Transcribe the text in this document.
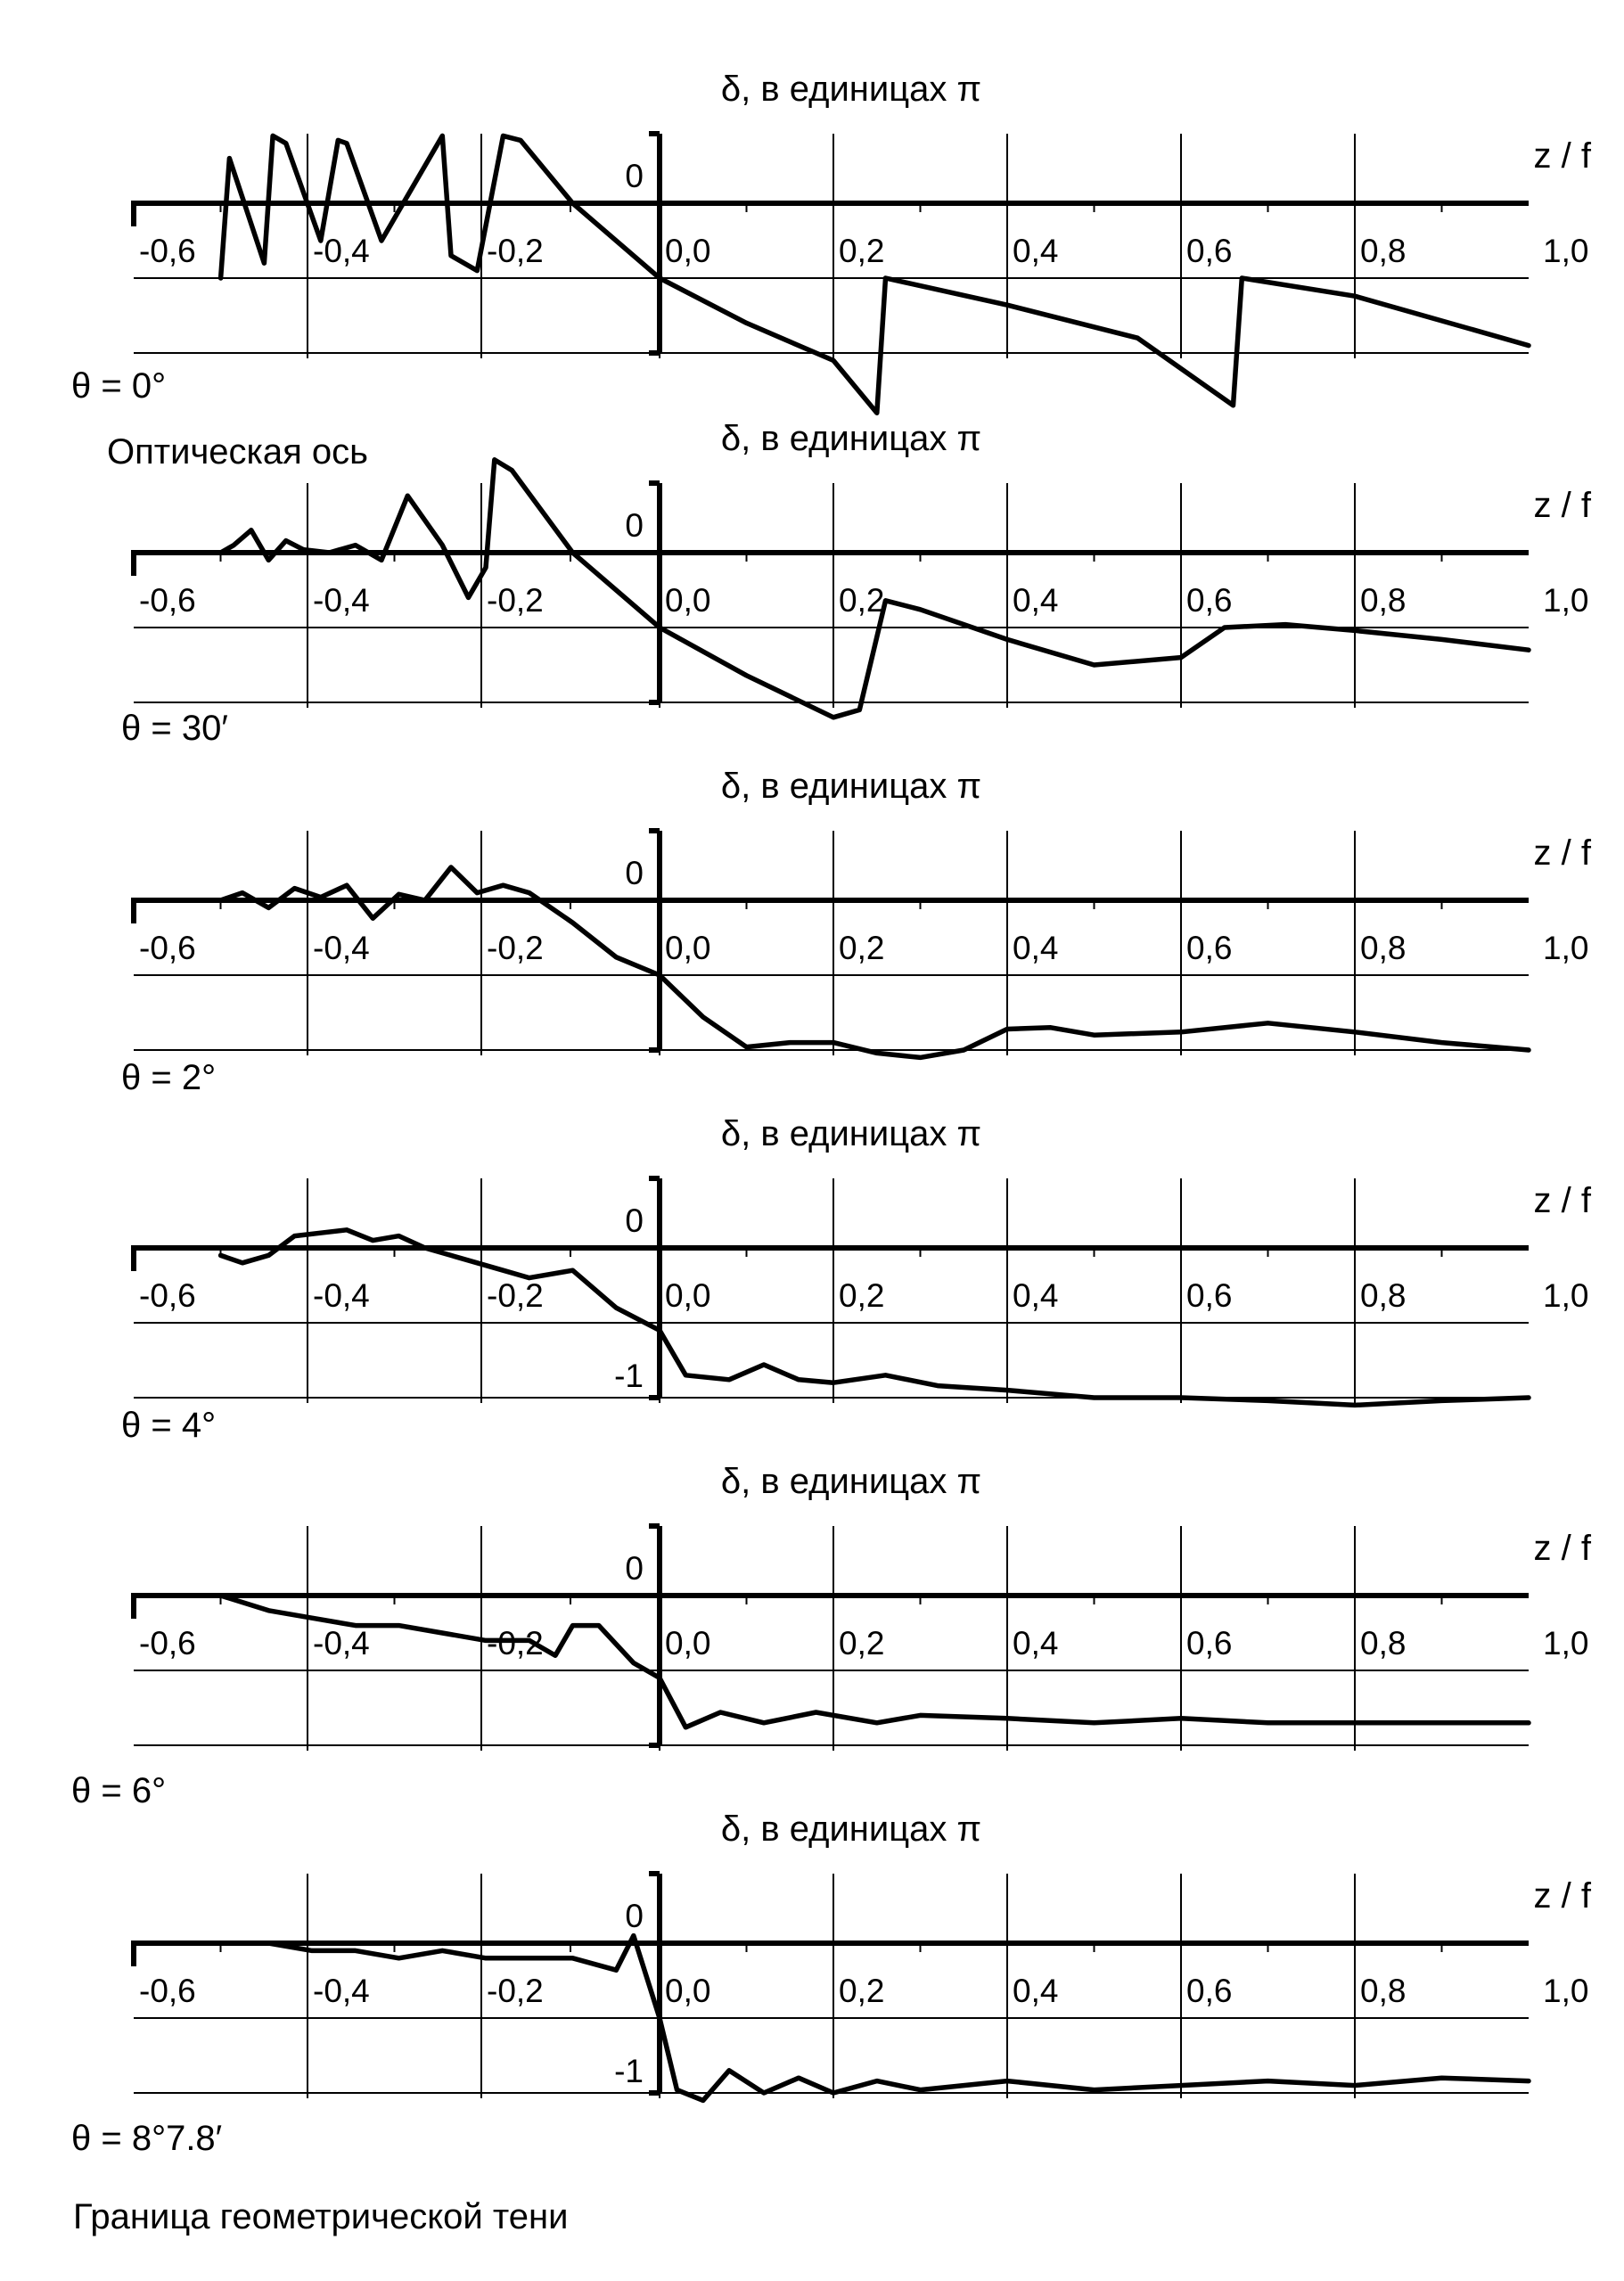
δ, в единицах π
0
-0,6	-0,4	-0,2	0,0	0,2	0,4	0,6	0,8	1,0
z / f
θ = 0°
δ, в единицах π
0
-0,6	-0,4	-0,2	0,0	0,2	0,4	0,6	0,8	1,0
z / f
θ = 30′
δ, в единицах π
0
-0,6	-0,4	-0,2	0,0	0,2	0,4	0,6	0,8	1,0
z / f
θ = 2°
δ, в единицах π
0
-1
-0,6	-0,4	-0,2	0,0	0,2	0,4	0,6	0,8	1,0
z / f
θ = 4°
δ, в единицах π
0
-0,6	-0,4	-0,2	0,0	0,2	0,4	0,6	0,8	1,0
z / f
θ = 6°
δ, в единицах π
0
-1
-0,6	-0,4	-0,2	0,0	0,2	0,4	0,6	0,8	1,0
z / f
θ = 8°7.8′
Оптическая ось
Граница геометрической тени
